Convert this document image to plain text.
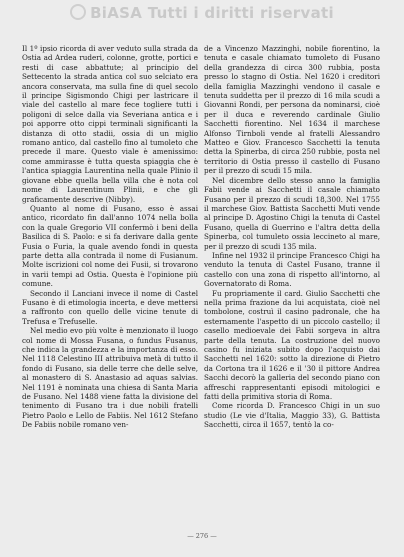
BiASA Tutti i diritti riservati

Il 1º ipsio ricorda di aver veduto sulla strada da Ostia ad Ardea ruderi, colonne, grotte, portici e resti di case abbattute; al principio del Settecento la strada antica col suo selciato era ancora conservata, ma sulla fine di quel secolo il principe Sigismondo Chigi per lastricare il viale del castello al mare fece togliere tutti i poligoni di selce dalla via Severiana antica e i poi apporre otto cippi terminali significanti la distanza di otto stadii, ossia di un miglio romano antico, dal castello fino al tumoleto che precede il mare. Questo viale è amenissimo: come ammirasse è tutta questa spiaggia che è l'antica spiaggia Laurentina nella quale Plinio il giovane ebbe quella bella villa che è nota col nome di Laurentinum Plinii, e che gli graficamente descrive (Nibby).

Quanto al nome di Fusano, esso è assai antico, ricordato fin dall'anno 1074 nella bolla con la quale Gregorio VII confermò i beni della Basilica di S. Paolo: e si fa derivare dalla gente Fusia o Furia, la quale avendo fondi in questa parte detta alla contrada il nome di Fusianum. Molte iscrizioni col nome dei Fusii, si trovarono in varii tempi ad Ostia. Questa è l'opinione più comune.

Secondo il Lanciani invece il nome di Castel Fusano è di etimologia incerta, e deve mettersi a raffronto con quello delle vicine tenute di Trefusa e Trefuselle.

Nel medio evo più volte è menzionato il luogo col nome di Mossa Fusana, o fundus Fusanus, che indica la grandezza e la importanza di esso. Nel 1118 Celestino III attribuiva metà di tutto il fondo di Fusano, sia delle terre che delle selve, al monastero di S. Anastasio ad aquas salvias. Nel 1191 è nominata una chiesa di Santa Maria de Fusano. Nel 1488 viene fatta la divisione del tenimento di Fusano tra i due nobili fratelli Pietro Paolo e Lello de Fabiis. Nel 1612 Stefano De Fabiis nobile romano ven-

de a Vincenzo Mazzinghi, nobile fiorentino, la tenuta e casale chiamato tumoleto di Fusano della grandezza di circa 300 rubbia, posta presso lo stagno di Ostia. Nel 1620 i creditori della famiglia Mazzinghi vendono il casale e tenuta suddetta per il prezzo di 16 mila scudi a Giovanni Rondi, per persona da nominarsi, cioè per il duca e reverendo cardinale Giulio Sacchetti fiorentino. Nel 1634 il marchese Alfonso Tirnboli vende al fratelli Alessandro Matteo e Giov. Francesco Sacchetti la tenuta detta la Spinerba, di circa 250 rubbie, posta nel territorio di Ostia presso il castello di Fusano per il prezzo di scudi 15 mila.

Nel dicembre dello stesso anno la famiglia Fabii vende ai Sacchetti il casale chiamato Fusano per il prezzo di scudi 18,300. Nel 1755 il marchese Giov. Battista Sacchetti Muti vende al principe D. Agostino Chigi la tenuta di Castel Fusano, quella di Guerrino e l'altra detta della Spinerba, col tumuleto ossia leccineto al mare, per il prezzo di scudi 135 mila.

Infine nel 1932 il principe Francesco Chigi ha venduto la tenuta di Castel Fusano, tranne il castello con una zona di rispetto all'intorno, al Governatorato di Roma.

Fu propriamente il card. Giulio Sacchetti che nella prima frazione da lui acquistata, cioè nel tombolone, costruì il casino padronale, che ha esternamente l'aspetto di un piccolo castello; il casello medioevale dei Fabii sorgeva in altra parte della tenuta. La costruzione del nuovo casino fu iniziata subito dopo l'acquisto dai Sacchetti nel 1620: sotto la direzione di Pietro da Cortona tra il 1626 e il '30 il pittore Andrea Sacchi decorò la galleria del secondo piano con affreschi rappresentanti episodi mitologici e fatti della primitiva storia di Roma.

Come ricorda D. Francesco Chigi in un suo studio (Le vie d'Italia, Maggio 33), G. Battista Sacchetti, circa il 1657, tentò la co-

— 276 —
